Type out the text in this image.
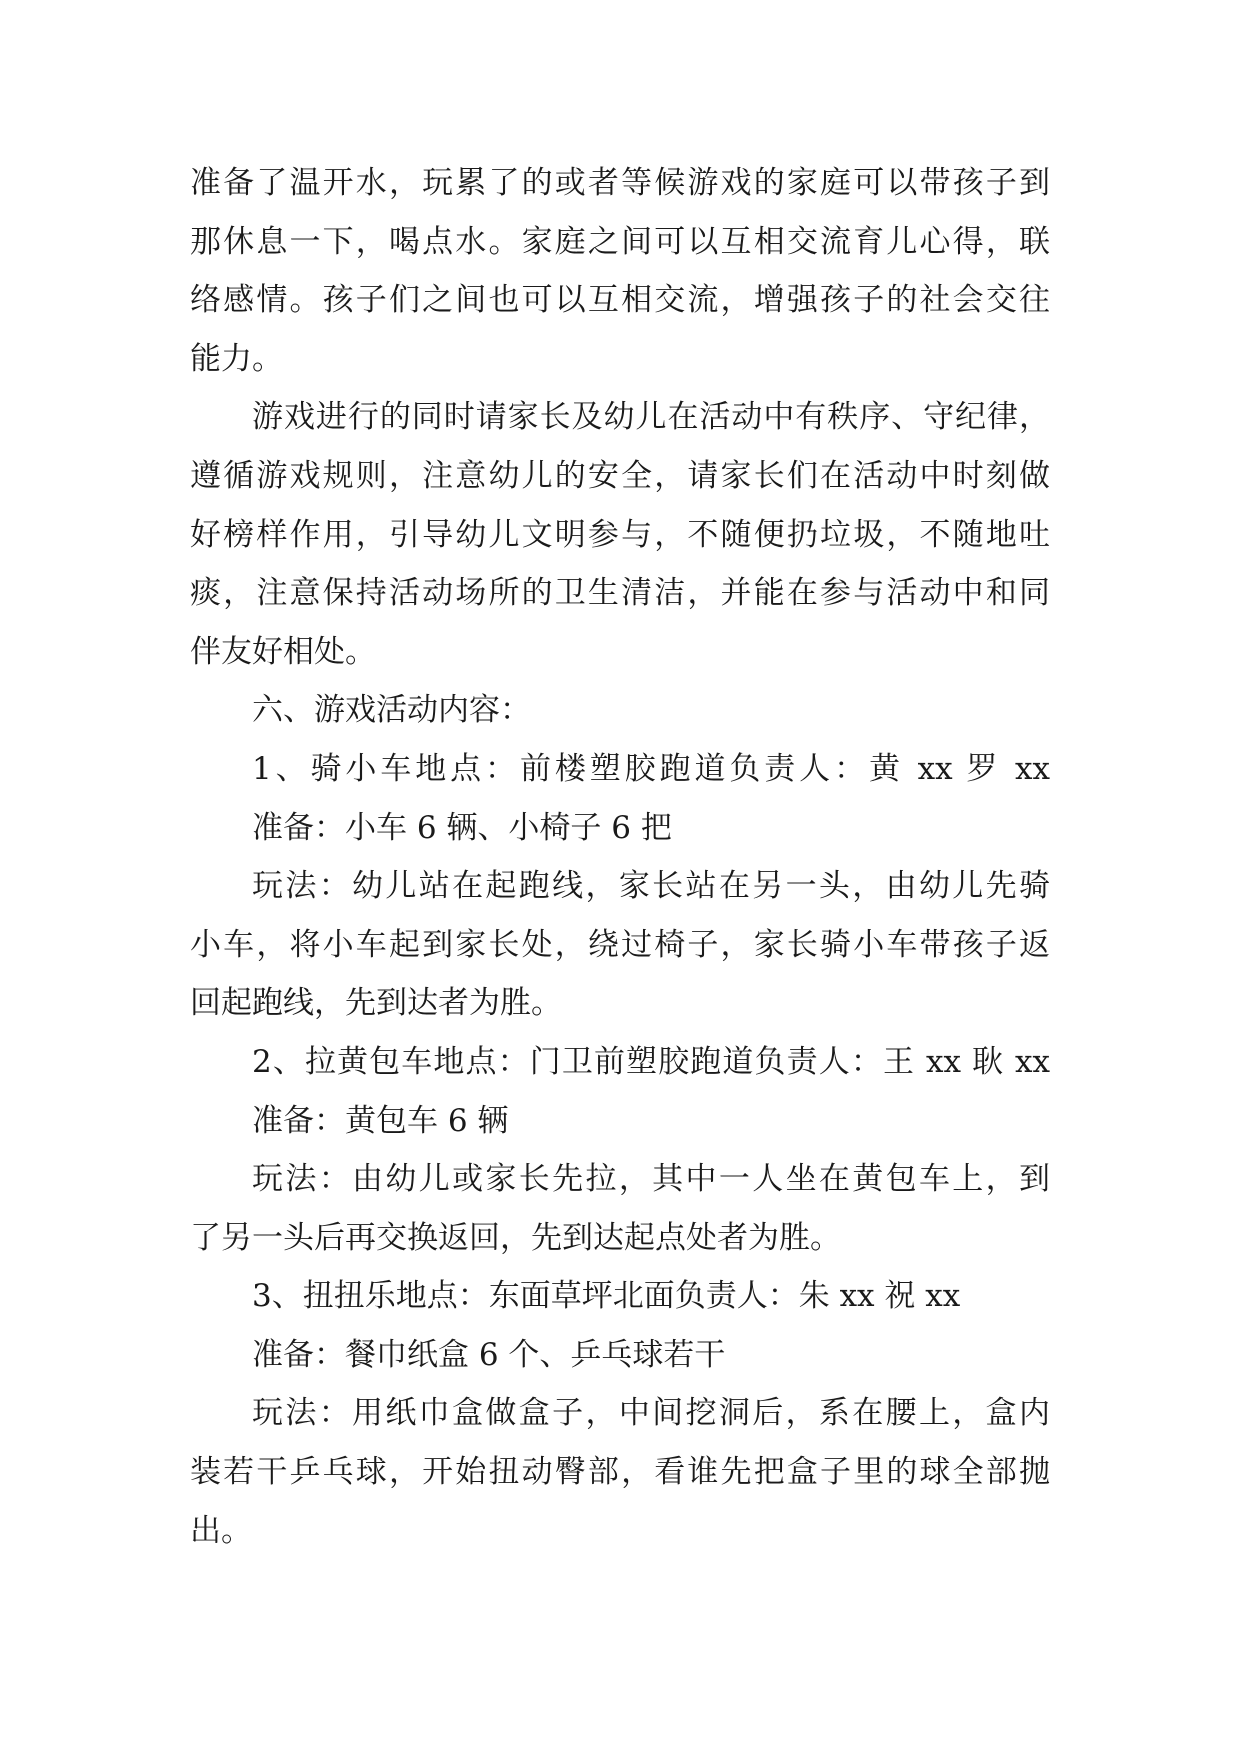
准备了温开水，玩累了的或者等候游戏的家庭可以带孩子到
那休息一下，喝点水。家庭之间可以互相交流育儿心得，联
络感情。孩子们之间也可以互相交流，增强孩子的社会交往
能力。
游戏进行的同时请家长及幼儿在活动中有秩序、守纪律，
遵循游戏规则，注意幼儿的安全，请家长们在活动中时刻做
好榜样作用，引导幼儿文明参与，不随便扔垃圾，不随地吐
痰，注意保持活动场所的卫生清洁，并能在参与活动中和同
伴友好相处。
六、游戏活动内容：
1、骑小车地点：前楼塑胶跑道负责人：黄 xx 罗 xx
准备：小车 6 辆、小椅子 6 把
玩法：幼儿站在起跑线，家长站在另一头，由幼儿先骑
小车，将小车起到家长处，绕过椅子，家长骑小车带孩子返
回起跑线，先到达者为胜。
2、拉黄包车地点：门卫前塑胶跑道负责人：王 xx 耿 xx
准备：黄包车 6 辆
玩法：由幼儿或家长先拉，其中一人坐在黄包车上，到
了另一头后再交换返回，先到达起点处者为胜。
3、扭扭乐地点：东面草坪北面负责人：朱 xx 祝 xx
准备：餐巾纸盒 6 个、乒乓球若干
玩法：用纸巾盒做盒子，中间挖洞后，系在腰上，盒内
装若干乒乓球，开始扭动臀部，看谁先把盒子里的球全部抛
出。
